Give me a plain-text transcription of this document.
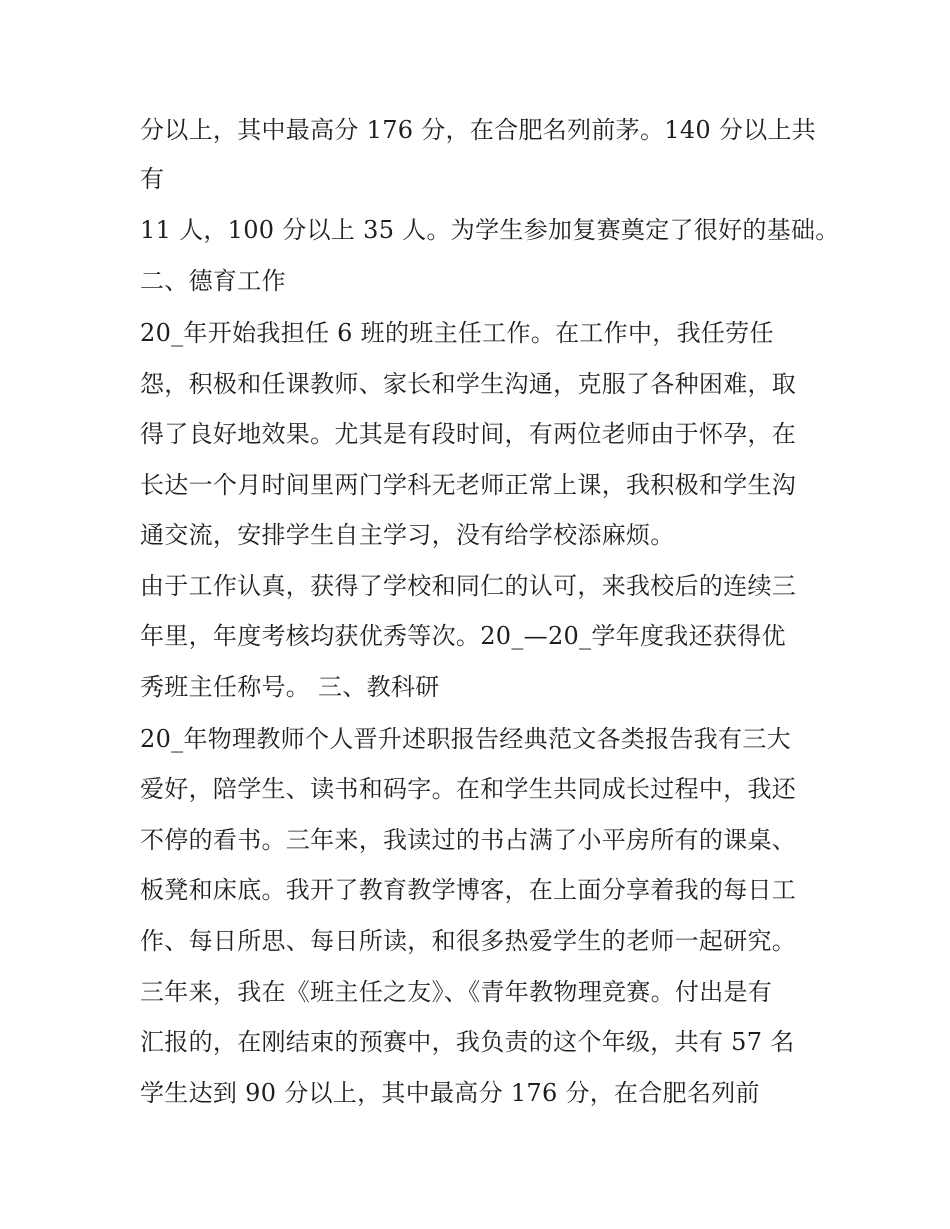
分以上，其中最高分 176 分，在合肥名列前茅。140 分以上共
有
11 人，100 分以上 35 人。为学生参加复赛奠定了很好的基础。
二、德育工作
20_年开始我担任 6 班的班主任工作。在工作中，我任劳任
怨，积极和任课教师、家长和学生沟通，克服了各种困难，取
得了良好地效果。尤其是有段时间，有两位老师由于怀孕，在
长达一个月时间里两门学科无老师正常上课，我积极和学生沟
通交流，安排学生自主学习，没有给学校添麻烦。
由于工作认真，获得了学校和同仁的认可，来我校后的连续三
年里，年度考核均获优秀等次。20_—20_学年度我还获得优
秀班主任称号。 三、教科研
20_年物理教师个人晋升述职报告经典范文各类报告我有三大
爱好，陪学生、读书和码字。在和学生共同成长过程中，我还
不停的看书。三年来，我读过的书占满了小平房所有的课桌、
板凳和床底。我开了教育教学博客，在上面分享着我的每日工
作、每日所思、每日所读，和很多热爱学生的老师一起研究。
三年来，我在《班主任之友》、《青年教物理竞赛。付出是有
汇报的，在刚结束的预赛中，我负责的这个年级，共有 57 名
学生达到 90 分以上，其中最高分 176 分，在合肥名列前
